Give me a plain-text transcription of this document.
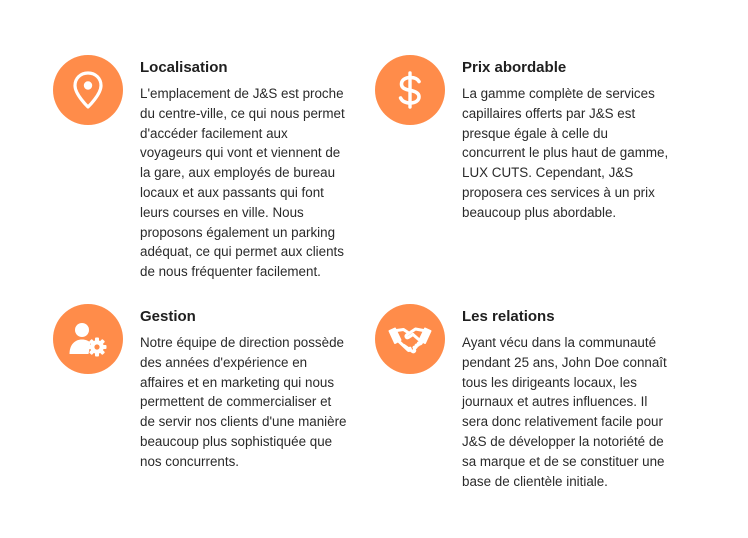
Localisation

L'emplacement de J&S est proche
du centre-ville, ce qui nous permet
d'accéder facilement aux
voyageurs qui vont et viennent de
la gare, aux employés de bureau
locaux et aux passants qui font
leurs courses en ville. Nous
proposons également un parking
adéquat, ce qui permet aux clients
de nous fréquenter facilement.

Prix abordable

La gamme complète de services
capillaires offerts par J&S est
presque égale à celle du
concurrent le plus haut de gamme,
LUX CUTS. Cependant, J&S
proposera ces services à un prix
beaucoup plus abordable.

Gestion

Notre équipe de direction possède
des années d'expérience en
affaires et en marketing qui nous
permettent de commercialiser et
de servir nos clients d'une manière
beaucoup plus sophistiquée que
nos concurrents.

Les relations

Ayant vécu dans la communauté
pendant 25 ans, John Doe connaît
tous les dirigeants locaux, les
journaux et autres influences. Il
sera donc relativement facile pour
J&S de développer la notoriété de
sa marque et de se constituer une
base de clientèle initiale.
